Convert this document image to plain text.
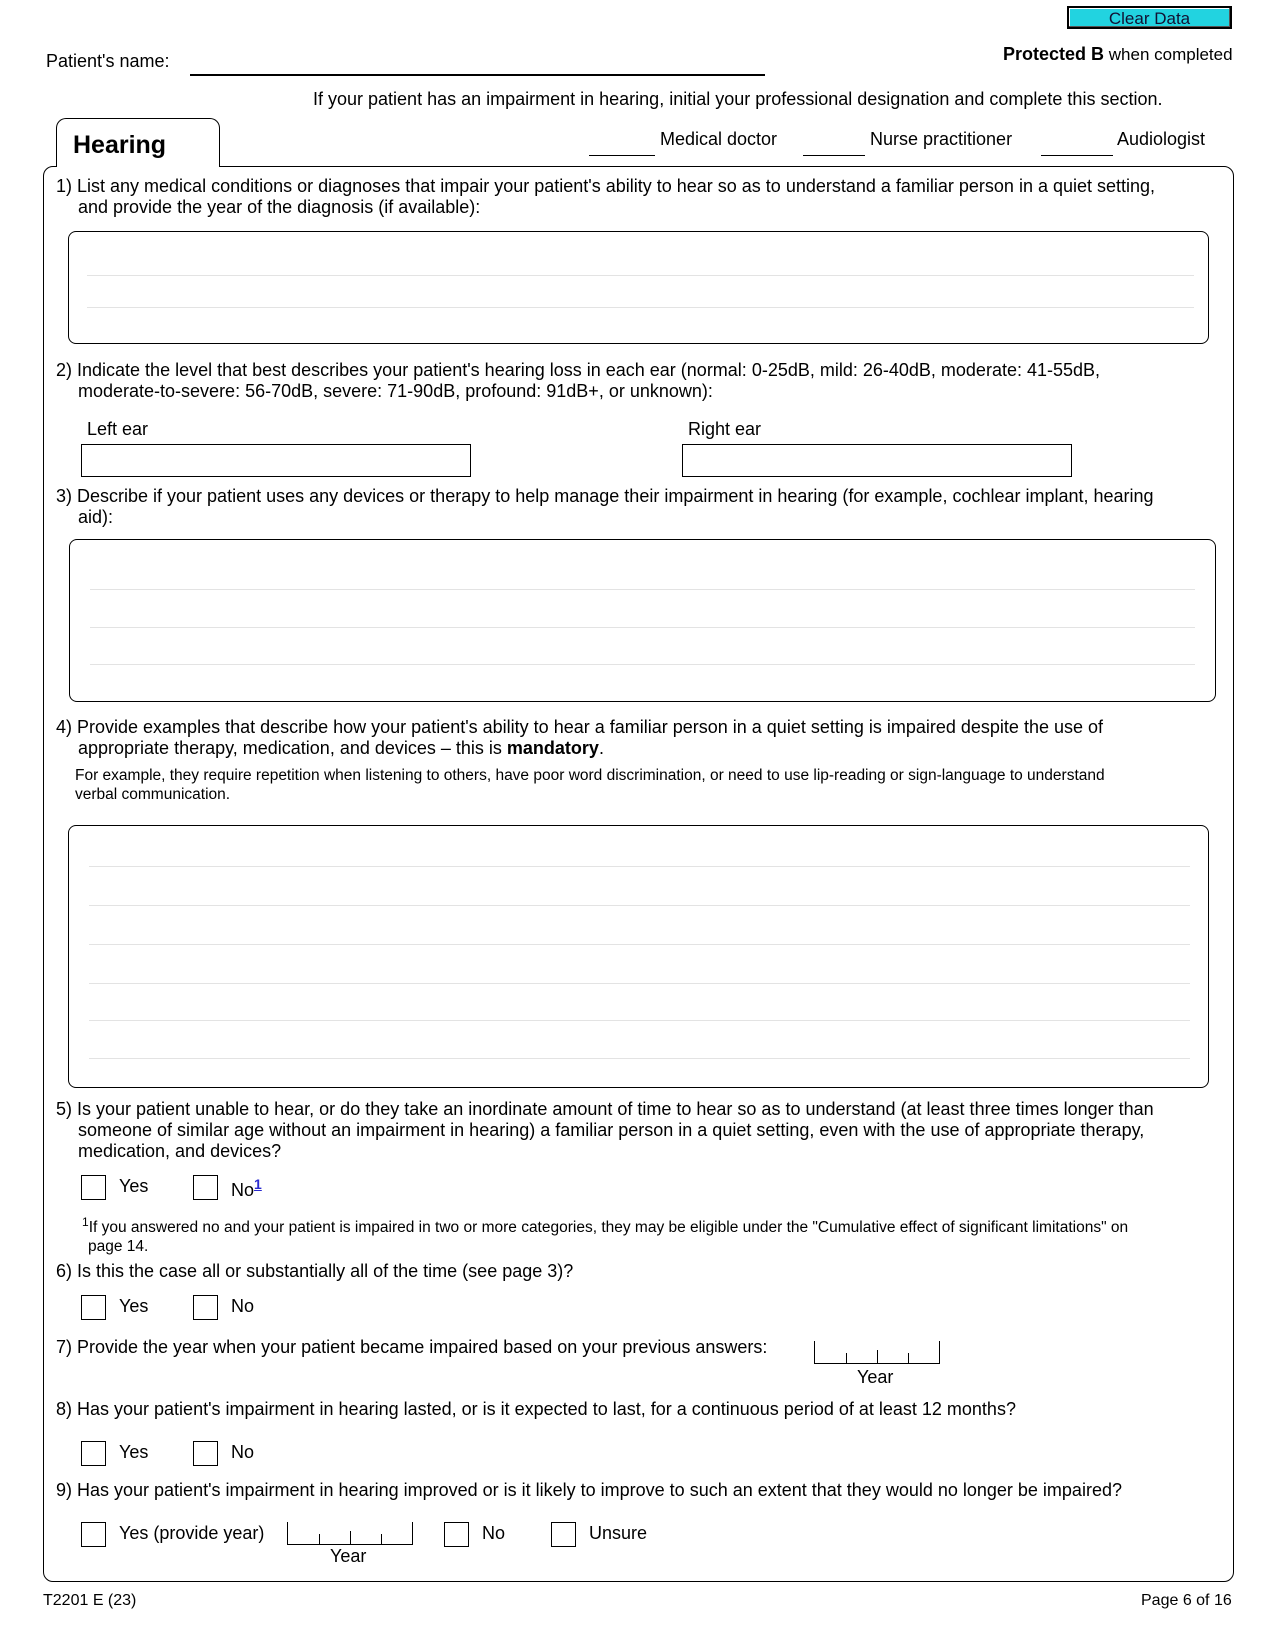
Clear Data
Protected B when completed
Patient's name:
If your patient has an impairment in hearing, initial your professional designation and complete this section.
Medical doctor	Nurse practitioner	Audiologist
Hearing
1) List any medical conditions or diagnoses that impair your patient's ability to hear so as to understand a familiar person in a quiet setting,
and provide the year of the diagnosis (if available):
2) Indicate the level that best describes your patient's hearing loss in each ear (normal: 0-25dB, mild: 26-40dB, moderate: 41-55dB,
moderate-to-severe: 56-70dB, severe: 71-90dB, profound: 91dB+, or unknown):
Left ear	Right ear
3) Describe if your patient uses any devices or therapy to help manage their impairment in hearing (for example, cochlear implant, hearing
aid):
4) Provide examples that describe how your patient's ability to hear a familiar person in a quiet setting is impaired despite the use of
appropriate therapy, medication, and devices – this is mandatory.
For example, they require repetition when listening to others, have poor word discrimination, or need to use lip-reading or sign-language to understand
verbal communication.
5) Is your patient unable to hear, or do they take an inordinate amount of time to hear so as to understand (at least three times longer than
someone of similar age without an impairment in hearing) a familiar person in a quiet setting, even with the use of appropriate therapy,
medication, and devices?
Yes	No$^1$
$^1$If you answered no and your patient is impaired in two or more categories, they may be eligible under the "Cumulative effect of significant limitations" on
page 14.
6) Is this the case all or substantially all of the time (see page 3)?
Yes	No
7) Provide the year when your patient became impaired based on your previous answers:
Year
8) Has your patient's impairment in hearing lasted, or is it expected to last, for a continuous period of at least 12 months?
Yes	No
9) Has your patient's impairment in hearing improved or is it likely to improve to such an extent that they would no longer be impaired?
Yes (provide year)
Year
No	Unsure
T2201 E (23)	Page 6 of 16
